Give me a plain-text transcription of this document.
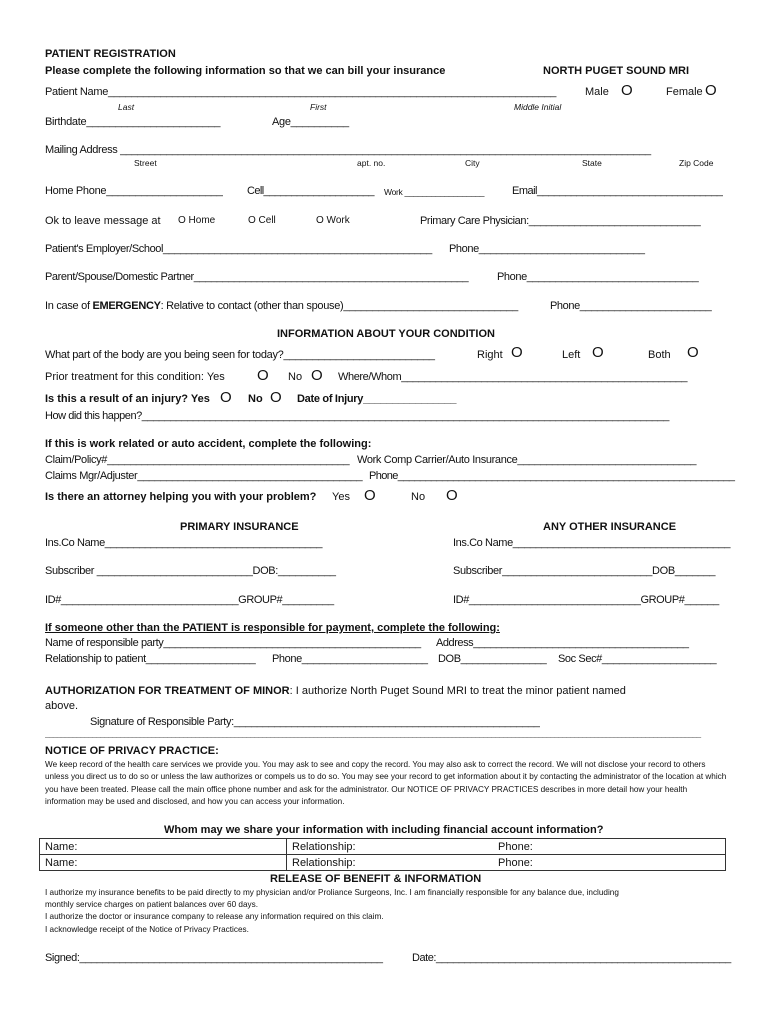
PATIENT REGISTRATION
Please complete the following information so that we can bill your insurance	NORTH PUGET SOUND MRI
Patient Name_____________________________________________________________________________	Male O	Female O
Last	First	Middle Initial
Birthdate_______________________	Age__________
Mailing Address ____________________________________________________________________________________________
Street	apt. no.	City	State	Zip Code
Home Phone____________________ Cell____________________ Work __________________	Email_________________________________
Ok to leave message at O Home	O Cell	O Work	Primary Care Physician:______________________________
Patient's Employer/School_______________________________________________ Phone_____________________________
Parent/Spouse/Domestic Partner________________________________________________	Phone______________________________
In case of EMERGENCY: Relative to contact (other than spouse)______________________________	Phone_______________________
INFORMATION ABOUT YOUR CONDITION
What part of the body are you being seen for today?__________________________	Right O	Left O	Both O
Prior treatment for this condition: Yes O No O Where/Whom__________________________________________________
Is this a result of an injury? Yes O No O Date of Injury________________
How did this happen?_____________________________________________________________________________________________
If this is work related or auto accident, complete the following:
Claim/Policy#__________________________________________ Work Comp Carrier/Auto Insurance_______________________________
Claims Mgr/Adjuster_______________________________________ Phone_____________________________________________________________
Is there an attorney helping you with your problem? Yes O	No O
PRIMARY INSURANCE	ANY OTHER INSURANCE
Ins.Co Name______________________________________	Ins.Co Name______________________________________
Subscriber ___________________________DOB:__________	Subscriber__________________________DOB_______
ID#_______________________________GROUP#_________	ID#______________________________GROUP#______
If someone other than the PATIENT is responsible for payment, complete the following:
Name of responsible party_____________________________________________ Address______________________________________
Relationship to patient___________________ Phone______________________ DOB_______________ Soc Sec#____________________
AUTHORIZATION FOR TREATMENT OF MINOR: I authorize North Puget Sound MRI to treat the minor patient named
above.
Signature of Responsible Party:_____________________________________________________
______________________________________________________________________________________________________________________________________________________________________
NOTICE OF PRIVACY PRACTICE:
We keep record of the health care services we provide you. You may ask to see and copy the record. You may also ask to correct the record. We will not disclose your record to others unless you direct us to do so or unless the law authorizes or compels us to do so. You may see your record to get information about it by contacting the administrator of the location at which you have been treated. Please call the main office phone number and ask for the administrator. Our NOTICE OF PRIVACY PRACTICES describes in more detail how your health information may be used and disclosed, and how you can access your information.
Whom may we share your information with including financial account information?
Name:	Relationship:	Phone:
Name:	Relationship:	Phone:
RELEASE OF BENEFIT & INFORMATION
I authorize my insurance benefits to be paid directly to my physician and/or Proliance Surgeons, Inc. I am financially responsible for any balance due, including
monthly service charges on patient balances over 60 days.
I authorize the doctor or insurance company to release any information required on this claim.
I acknowledge receipt of the Notice of Privacy Practices.
Signed:_____________________________________________________	Date:____________________________________________________
